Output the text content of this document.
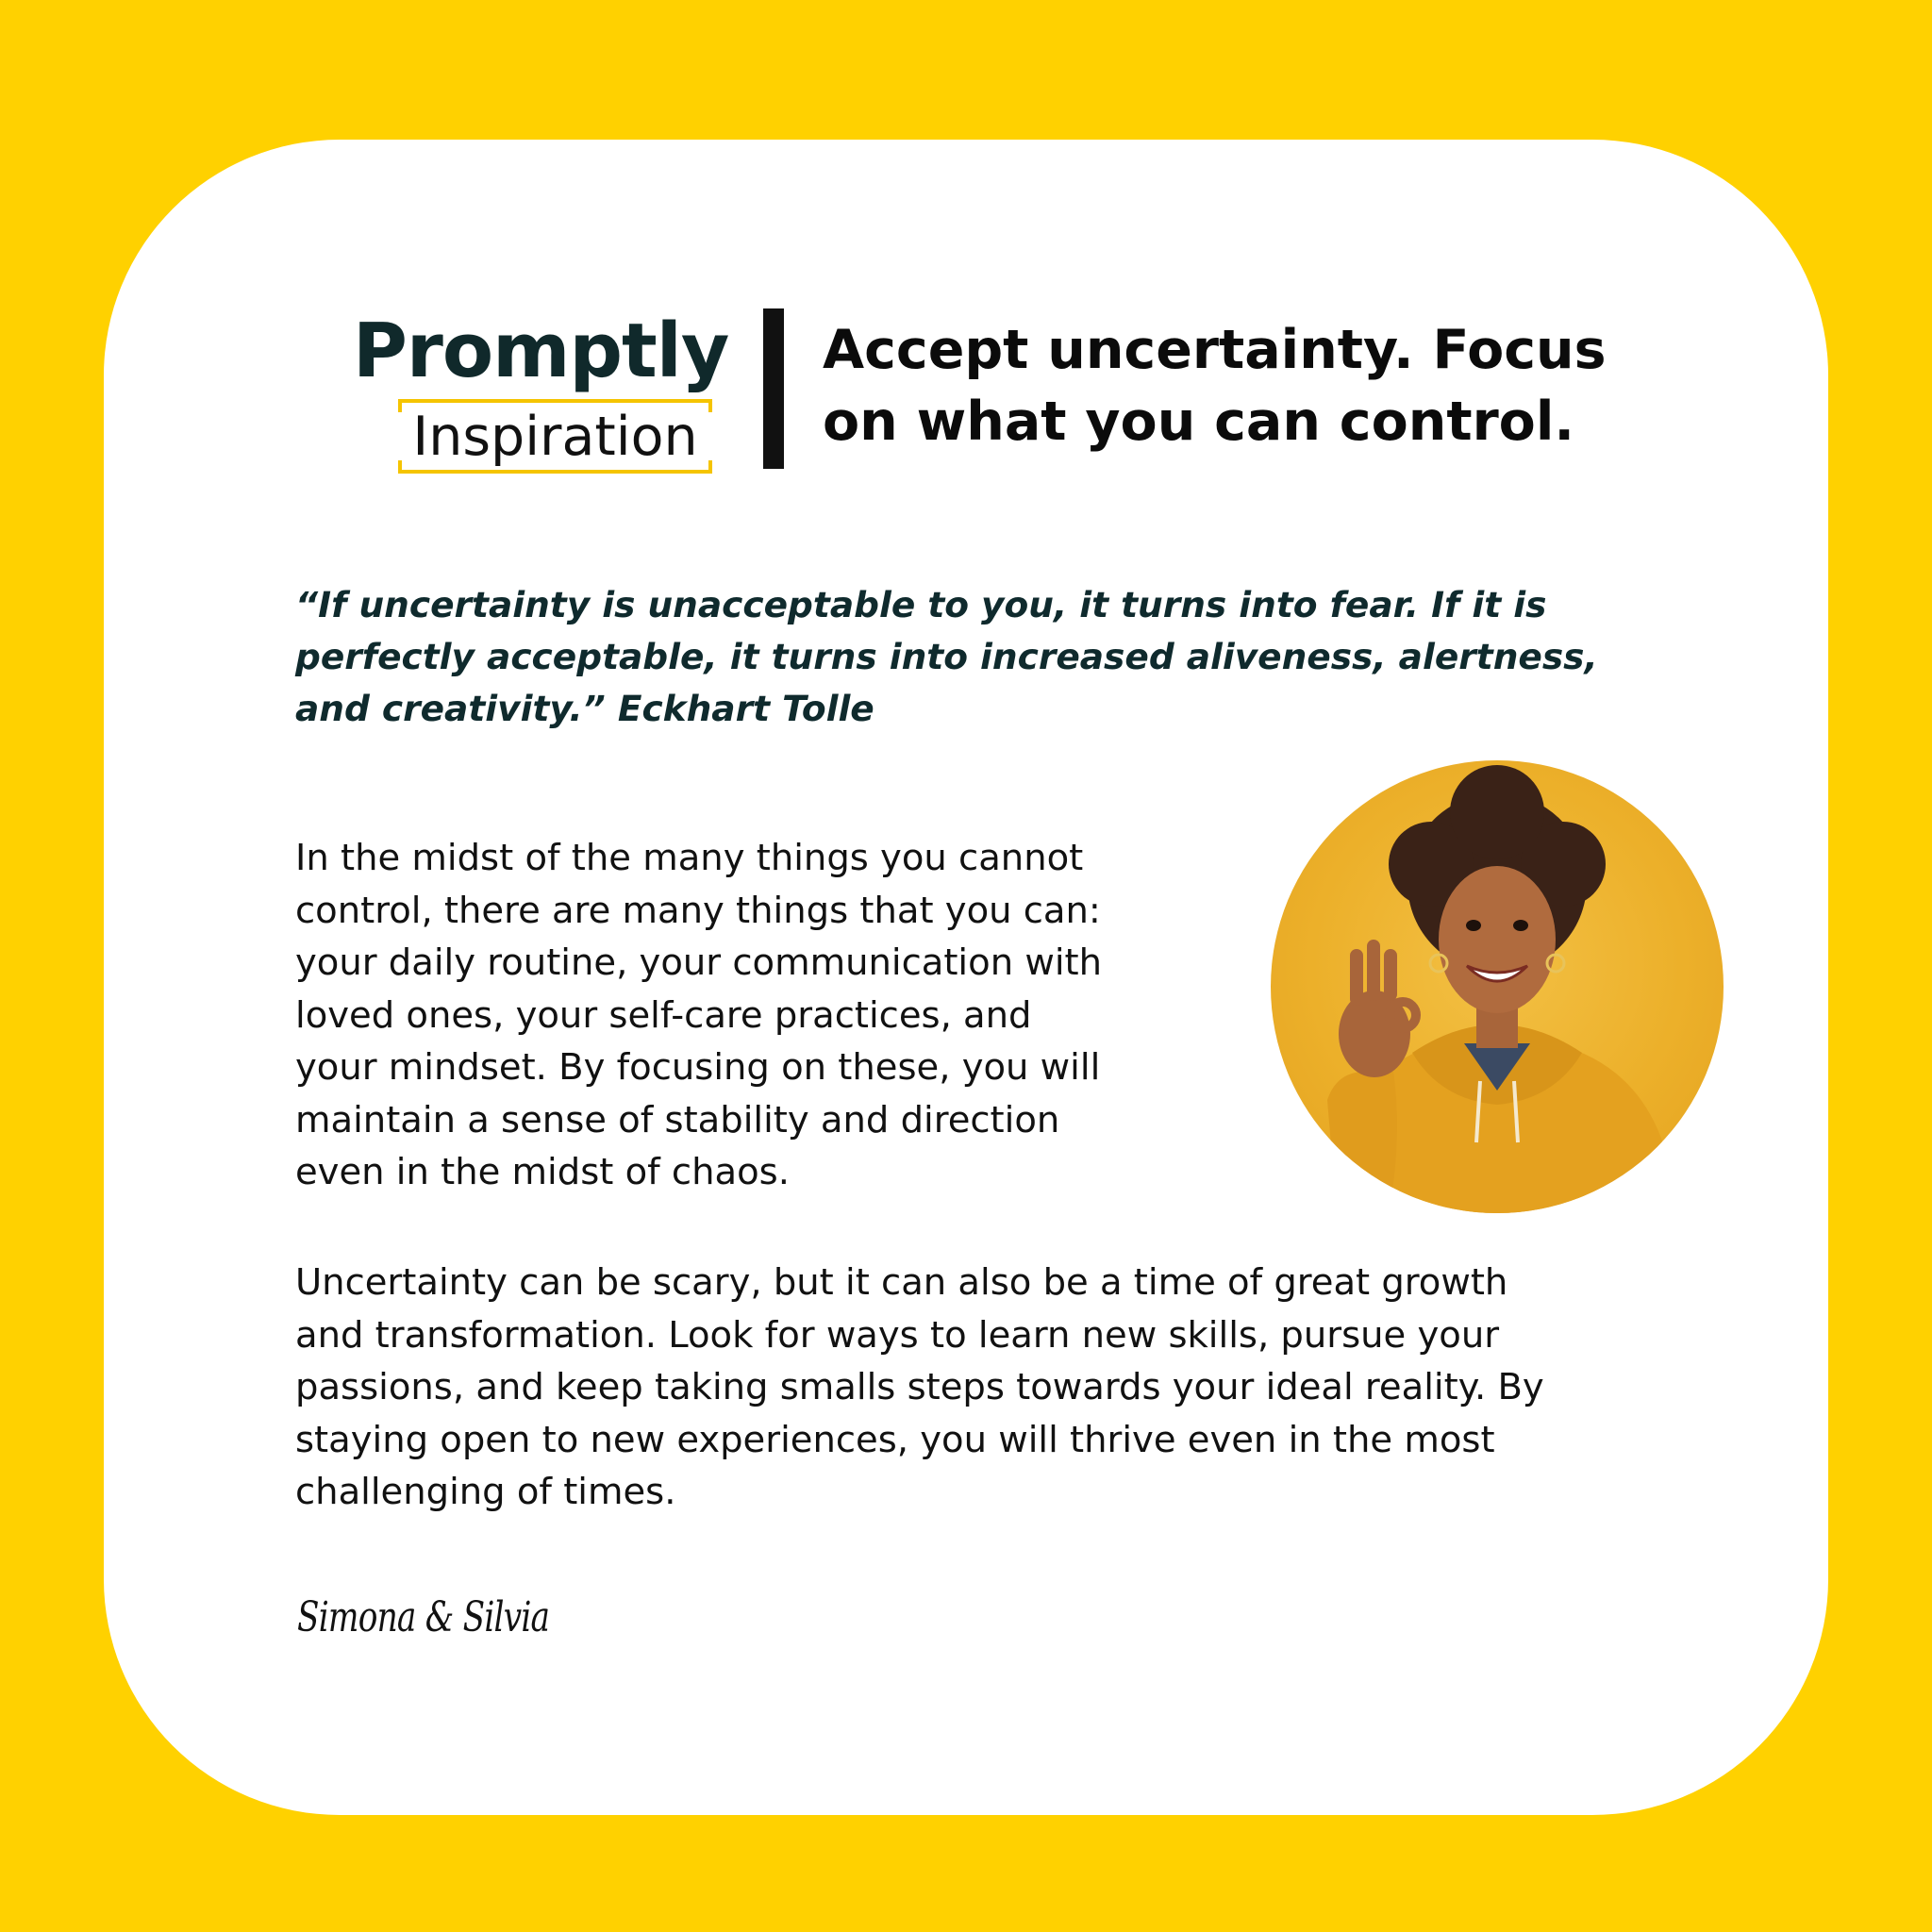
Promptly
Inspiration
Accept uncertainty. Focus
on what you can control.
“If uncertainty is unacceptable to you, it turns into fear. If it is
perfectly acceptable, it turns into increased aliveness, alertness,
and creativity.” Eckhart Tolle
In the midst of the many things you cannot
control, there are many things that you can:
your daily routine, your communication with
loved ones, your self-care practices, and
your mindset. By focusing on these, you will
maintain a sense of stability and direction
even in the midst of chaos.
Uncertainty can be scary, but it can also be a time of great growth
and transformation. Look for ways to learn new skills, pursue your
passions, and keep taking smalls steps towards your ideal reality. By
staying open to new experiences, you will thrive even in the most
challenging of times.
Simona & Silvia
